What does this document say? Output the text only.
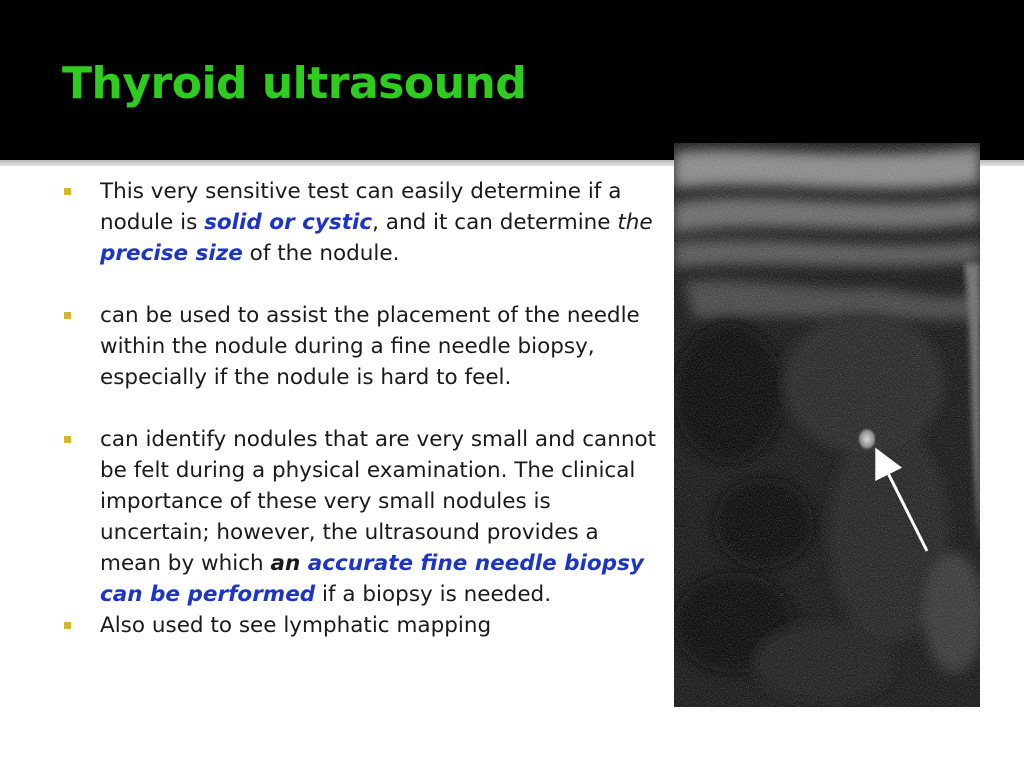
Thyroid ultrasound
This very sensitive test can easily determine if a nodule is solid or cystic, and it can determine the precise size of the nodule.
can be used to assist the placement of the needle within the nodule during a fine needle biopsy, especially if the nodule is hard to feel.
can identify nodules that are very small and cannot be felt during a physical examination. The clinical importance of these very small nodules is uncertain; however, the ultrasound provides a mean by which an accurate fine needle biopsy can be performed if a biopsy is needed.
Also used to see lymphatic mapping
